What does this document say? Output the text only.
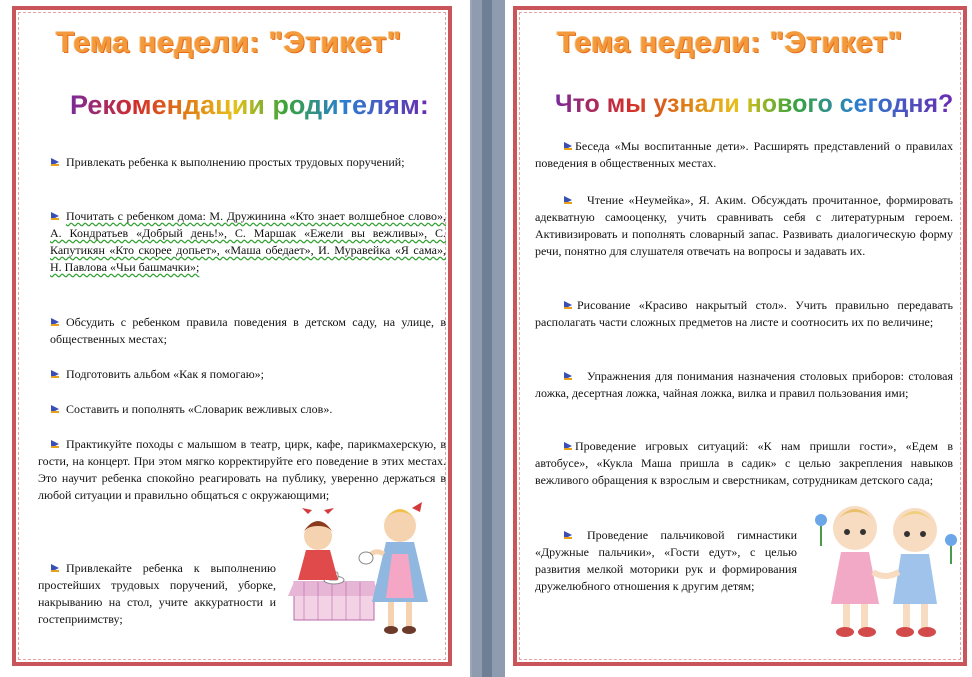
Тема недели: "Этикет"
Рекомендации родителям:
Привлекать ребенка к выполнению простых трудовых поручений;
Почитать с ребенком дома: М. Дружинина «Кто знает волшебное слово», А. Кондратьев «Добрый день!», С. Маршак «Ежели вы вежливы», С. Капутикян «Кто скорее допьет», «Маша обедает», И. Муравейка «Я сама», Н. Павлова «Чьи башмачки»;
Обсудить с ребенком правила поведения в детском саду, на улице, в общественных местах;
Подготовить альбом «Как я помогаю»;
Составить и пополнять «Словарик вежливых слов».
Практикуйте походы с малышом в театр, цирк, кафе, парикмахерскую, в гости, на концерт. При этом мягко корректируйте его поведение в этих местах. Это научит ребенка спокойно реагировать на публику, уверенно держаться в любой ситуации и правильно общаться с окружающими;
Привлекайте ребенка к выполнению простейших трудовых поручений, уборке, накрыванию на стол, учите аккуратности и гостеприимству;
Тема недели: "Этикет"
Что мы узнали нового сегодня?
Беседа «Мы воспитанные дети». Расширять представлений о правилах поведения в общественных местах.
Чтение «Неумейка», Я. Аким. Обсуждать прочитанное, формировать адекватную самооценку, учить сравнивать себя с литературным героем. Активизировать и пополнять словарный запас. Развивать диалогическую форму речи, понятно для слушателя отвечать на вопросы и задавать их.
Рисование «Красиво накрытый стол». Учить правильно передавать располагать части сложных предметов на листе и соотносить их по величине;
Упражнения для понимания назначения столовых приборов: столовая ложка, десертная ложка, чайная ложка, вилка и правил пользования ими;
Проведение игровых ситуаций: «К нам пришли гости», «Едем в автобусе», «Кукла Маша пришла в садик» с целью закрепления навыков вежливого обращения к взрослым и сверстникам, сотрудникам детского сада;
Проведение пальчиковой гимнастики «Дружные пальчики», «Гости едут», с целью развития мелкой моторики рук и формирования дружелюбного отношения к другим детям;
